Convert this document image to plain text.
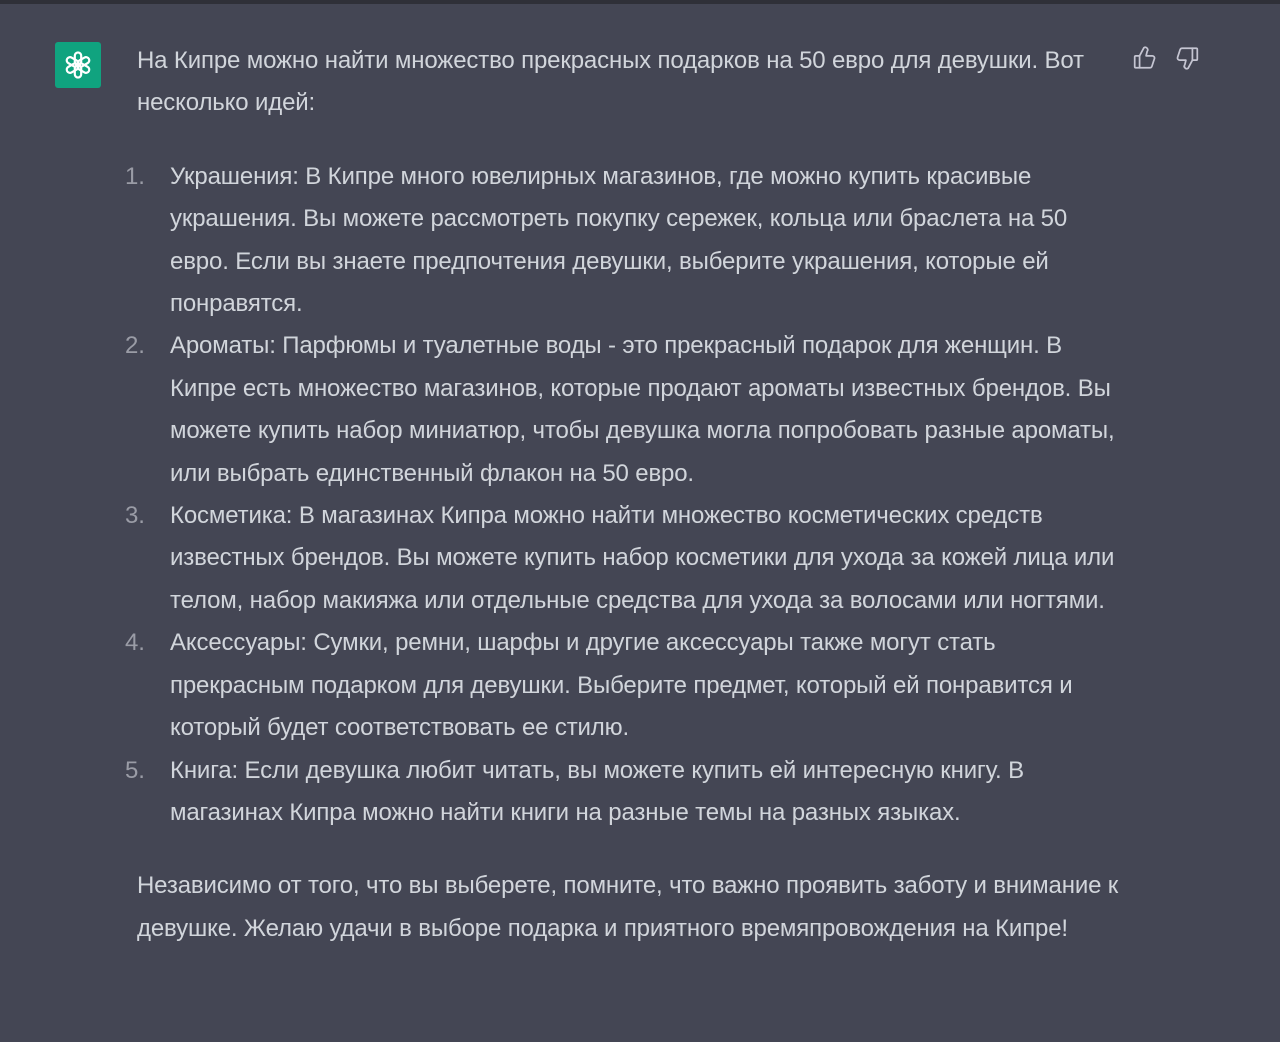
На Кипре можно найти множество прекрасных подарков на 50 евро для девушки. Вот несколько идей:

1. Украшения: В Кипре много ювелирных магазинов, где можно купить красивые украшения. Вы можете рассмотреть покупку сережек, кольца или браслета на 50 евро. Если вы знаете предпочтения девушки, выберите украшения, которые ей понравятся.
2. Ароматы: Парфюмы и туалетные воды - это прекрасный подарок для женщин. В Кипре есть множество магазинов, которые продают ароматы известных брендов. Вы можете купить набор миниатюр, чтобы девушка могла попробовать разные ароматы, или выбрать единственный флакон на 50 евро.
3. Косметика: В магазинах Кипра можно найти множество косметических средств известных брендов. Вы можете купить набор косметики для ухода за кожей лица или телом, набор макияжа или отдельные средства для ухода за волосами или ногтями.
4. Аксессуары: Сумки, ремни, шарфы и другие аксессуары также могут стать прекрасным подарком для девушки. Выберите предмет, который ей понравится и который будет соответствовать ее стилю.
5. Книга: Если девушка любит читать, вы можете купить ей интересную книгу. В магазинах Кипра можно найти книги на разные темы на разных языках.

Независимо от того, что вы выберете, помните, что важно проявить заботу и внимание к девушке. Желаю удачи в выборе подарка и приятного времяпровождения на Кипре!
